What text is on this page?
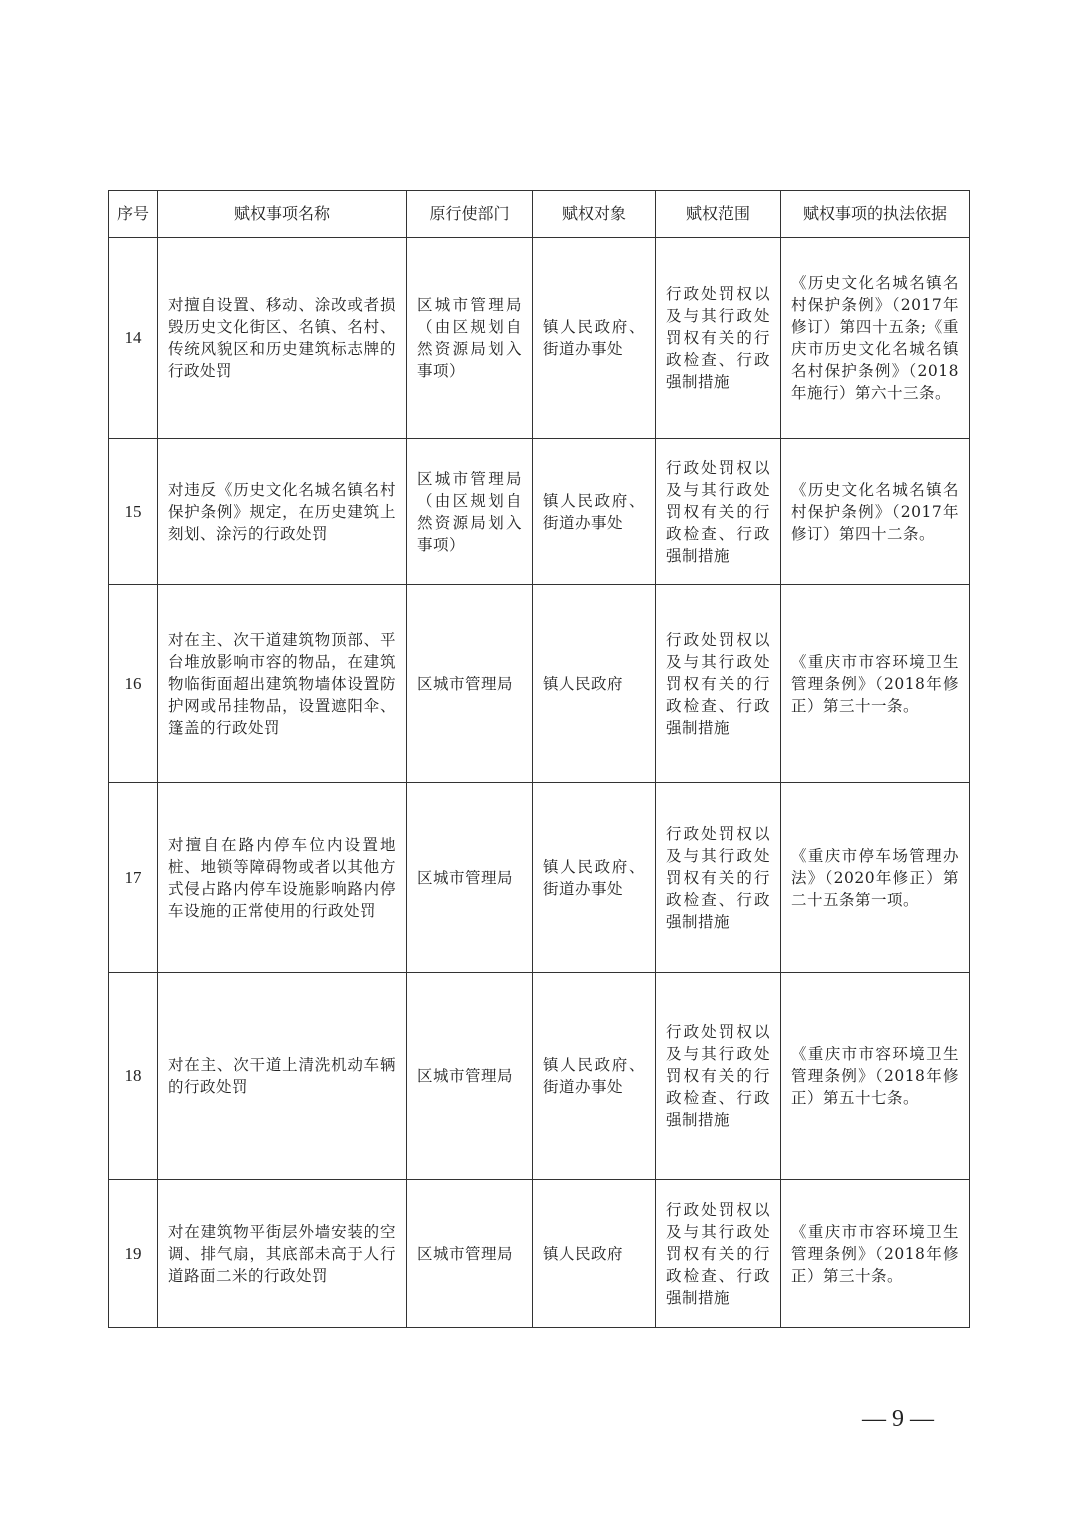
序号	赋权事项名称	原行使部门	赋权对象	赋权范围	赋权事项的执法依据
14	对擅自设置、移动、涂改或者损毁历史文化街区、名镇、名村、传统风貌区和历史建筑标志牌的行政处罚	区城市管理局（由区规划自然资源局划入事项）	镇人民政府、街道办事处	行政处罚权以及与其行政处罚权有关的行政检查、行政强制措施	《历史文化名城名镇名村保护条例》（2017年修订）第四十五条;《重庆市历史文化名城名镇名村保护条例》（2018年施行）第六十三条。

15	对违反《历史文化名城名镇名村保护条例》规定，在历史建筑上刻划、涂污的行政处罚	区城市管理局（由区规划自然资源局划入事项）	镇人民政府、街道办事处	行政处罚权以及与其行政处罚权有关的行政检查、行政强制措施	《历史文化名城名镇名村保护条例》（2017年修订）第四十二条。

16	对在主、次干道建筑物顶部、平台堆放影响市容的物品，在建筑物临街面超出建筑物墙体设置防护网或吊挂物品，设置遮阳伞、篷盖的行政处罚	区城市管理局	镇人民政府	行政处罚权以及与其行政处罚权有关的行政检查、行政强制措施	《重庆市市容环境卫生管理条例》（2018年修正）第三十一条。

17	对擅自在路内停车位内设置地桩、地锁等障碍物或者以其他方式侵占路内停车设施影响路内停车设施的正常使用的行政处罚	区城市管理局	镇人民政府、街道办事处	行政处罚权以及与其行政处罚权有关的行政检查、行政强制措施	《重庆市停车场管理办法》（2020年修正）第二十五条第一项。

18	对在主、次干道上清洗机动车辆的行政处罚	区城市管理局	镇人民政府、街道办事处	行政处罚权以及与其行政处罚权有关的行政检查、行政强制措施	《重庆市市容环境卫生管理条例》（2018年修正）第五十七条。

19	对在建筑物平街层外墙安装的空调、排气扇，其底部未高于人行道路面二米的行政处罚	区城市管理局	镇人民政府	行政处罚权以及与其行政处罚权有关的行政检查、行政强制措施	《重庆市市容环境卫生管理条例》（2018年修正）第三十条。
— 9 —
